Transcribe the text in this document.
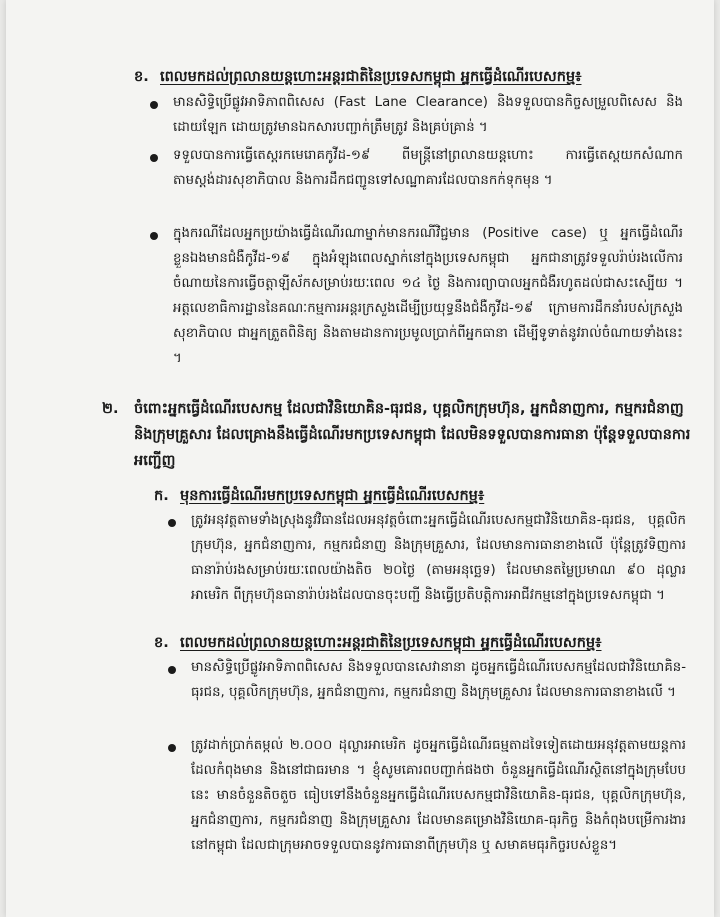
ខ. ពេលមកដល់ព្រលានយន្តហោះអន្តរជាតិនៃប្រទេសកម្ពុជា អ្នកធ្វើដំណើរបេសកម្ម៖
មានសិទ្ធិប្រើផ្លូវអាទិភាពពិសេស (Fast Lane Clearance) និងទទួលបានកិច្ចសម្រួលពិសេស និងដោយឡែក ដោយត្រូវមានឯកសារបញ្ជាក់ត្រឹមត្រូវ និងគ្រប់គ្រាន់ ។
ទទួលបានការធ្វើតេស្តរកមេរោគកូវីដ-១៩ ពីមន្ត្រីនៅព្រលានយន្តហោះ ការធ្វើតេស្តយកសំណាកតាមស្ដង់ដារសុខាភិបាល និងការដឹកជញ្ជូនទៅសណ្ឋាគារដែលបានកក់ទុកមុន ។
ក្នុងករណីដែលអ្នកប្រយ៉ាងធ្វើដំណើរណាម្នាក់មានករណីវិជ្ជមាន (Positive case) ឬ អ្នកធ្វើដំណើរខ្លួនឯងមានជំងឺកូវីដ-១៩ ក្នុងអំឡុងពេលស្នាក់នៅក្នុងប្រទេសកម្ពុជា អ្នកជានាត្រូវទទួលរ៉ាប់រងលើការចំណាយនៃការធ្វើចត្តាឡីស័កសម្រាប់រយៈពេល ១៤ ថ្ងៃ និងការព្យាបាលអ្នកជំងឺរហូតដល់ជាសះស្បើយ ។ អត្តលេខាធិការដ្ឋាននៃគណៈកម្មការអន្តរក្រសួងដើម្បីប្រយុទ្ធនឹងជំងឺកូវីដ-១៩ ក្រោមការដឹកនាំរបស់ក្រសួងសុខាភិបាល ជាអ្នកត្រួតពិនិត្យ និងតាមដានការប្រមូលប្រាក់ពីអ្នកធានា ដើម្បីទូទាត់នូវរាល់ចំណាយទាំងនេះ ។
២. ចំពោះអ្នកធ្វើដំណើរបេសកម្ម ដែលជាវិនិយោគិន-ធុរជន, បុគ្គលិកក្រុមហ៊ុន, អ្នកជំនាញការ, កម្មករជំនាញ និងក្រុមគ្រួសារ ដែលគ្រោងនឹងធ្វើដំណើរមកប្រទេសកម្ពុជា ដែលមិនទទួលបានការធានា ប៉ុន្តែទទួលបានការអញ្ជើញ
ក. មុនការធ្វើដំណើរមកប្រទេសកម្ពុជា អ្នកធ្វើដំណើរបេសកម្ម៖
ត្រូវអនុវត្តតាមទាំងស្រុងនូវវិធានដែលអនុវត្តចំពោះអ្នកធ្វើដំណើរបេសកម្មជាវិនិយោគិន-ធុរជន, បុគ្គលិកក្រុមហ៊ុន, អ្នកជំនាញការ, កម្មករជំនាញ និងក្រុមគ្រួសារ, ដែលមានការធានាខាងលើ ប៉ុន្តែត្រូវទិញការធានារ៉ាប់រងសម្រាប់រយៈពេលយ៉ាងតិច ២០ថ្ងៃ (តាមអនុច្ឆេទ) ដែលមានតម្លៃប្រមាណ ៩០ ដុល្លារអាមេរិក ពីក្រុមហ៊ុនធានារ៉ាប់រងដែលបានចុះបញ្ជី និងធ្វើប្រតិបត្តិការអាជីវកម្មនៅក្នុងប្រទេសកម្ពុជា ។
ខ. ពេលមកដល់ព្រលានយន្តហោះអន្តរជាតិនៃប្រទេសកម្ពុជា អ្នកធ្វើដំណើរបេសកម្ម៖
មានសិទ្ធិប្រើផ្លូវអាទិភាពពិសេស និងទទួលបានសេវានានា ដូចអ្នកធ្វើដំណើរបេសកម្មដែលជាវិនិយោគិន-ធុរជន, បុគ្គលិកក្រុមហ៊ុន, អ្នកជំនាញការ, កម្មករជំនាញ និងក្រុមគ្រួសារ ដែលមានការធានាខាងលើ ។
ត្រូវដាក់ប្រាក់តម្កល់ ២.០០០ ដុល្លារអាមេរិក ដូចអ្នកធ្វើដំណើរធម្មតាដទៃទៀតដោយអនុវត្តតាមយន្តការដែលកំពុងមាន និងនៅជាធរមាន ។ ខ្ញុំសូមគោរពបញ្ជាក់ផងថា ចំនួនអ្នកធ្វើដំណើរស្ថិតនៅក្នុងក្រុមបែបនេះ មានចំនួនតិចតួច ធៀបទៅនឹងចំនួនអ្នកធ្វើដំណើរបេសកម្មជាវិនិយោគិន-ធុរជន, បុគ្គលិកក្រុមហ៊ុន, អ្នកជំនាញការ, កម្មករជំនាញ និងក្រុមគ្រួសារ ដែលមានគម្រោងវិនិយោគ-ធុរកិច្ច និងកំពុងបម្រើការងារនៅកម្ពុជា ដែលជាក្រុមអាចទទួលបាននូវការធានាពីក្រុមហ៊ុន ឬ សមាគមធុរកិច្ចរបស់ខ្លួន។
